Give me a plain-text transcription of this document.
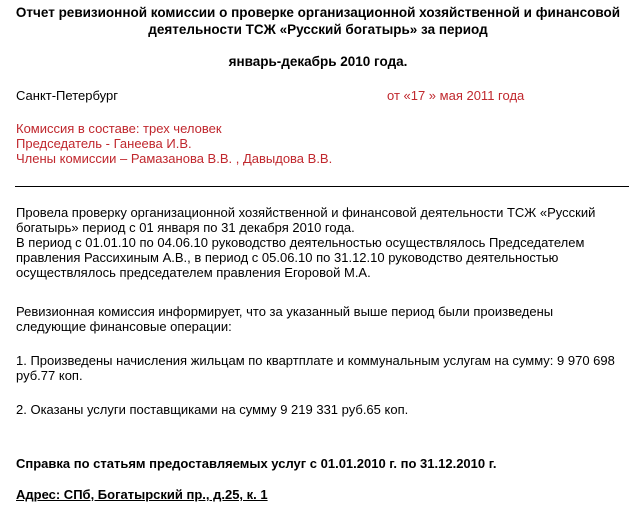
Отчет ревизионной комиссии о проверке организационной хозяйственной и финансовой

деятельности ТСЖ «Русский богатырь» за период

январь-декабрь 2010 года.

Санкт-Петербург	от «17 » мая 2011 года
Комиссия в составе: трех человек
Председатель - Ганеева И.В.
Члены комиссии – Рамазанова В.В. , Давыдова В.В.
Провела проверку организационной хозяйственной и финансовой деятельности ТСЖ «Русский богатырь» период с 01 января по 31 декабря 2010 года.
В период с 01.01.10 по 04.06.10 руководство деятельностью осуществлялось Председателем правления Рассихиным А.В., в период с 05.06.10 по 31.12.10 руководство деятельностью осуществлялось председателем правления Егоровой М.А.

Ревизионная комиссия информирует, что за указанный выше период были произведены следующие финансовые операции:

1. Произведены начисления жильцам по квартплате и коммунальным услугам на сумму: 9 970 698 руб.77 коп.

2. Оказаны услуги поставщиками на сумму 9 219 331 руб.65 коп.

Справка по статьям предоставляемых услуг с 01.01.2010 г. по 31.12.2010 г.
Адрес: СПб, Богатырский пр., д.25, к. 1
